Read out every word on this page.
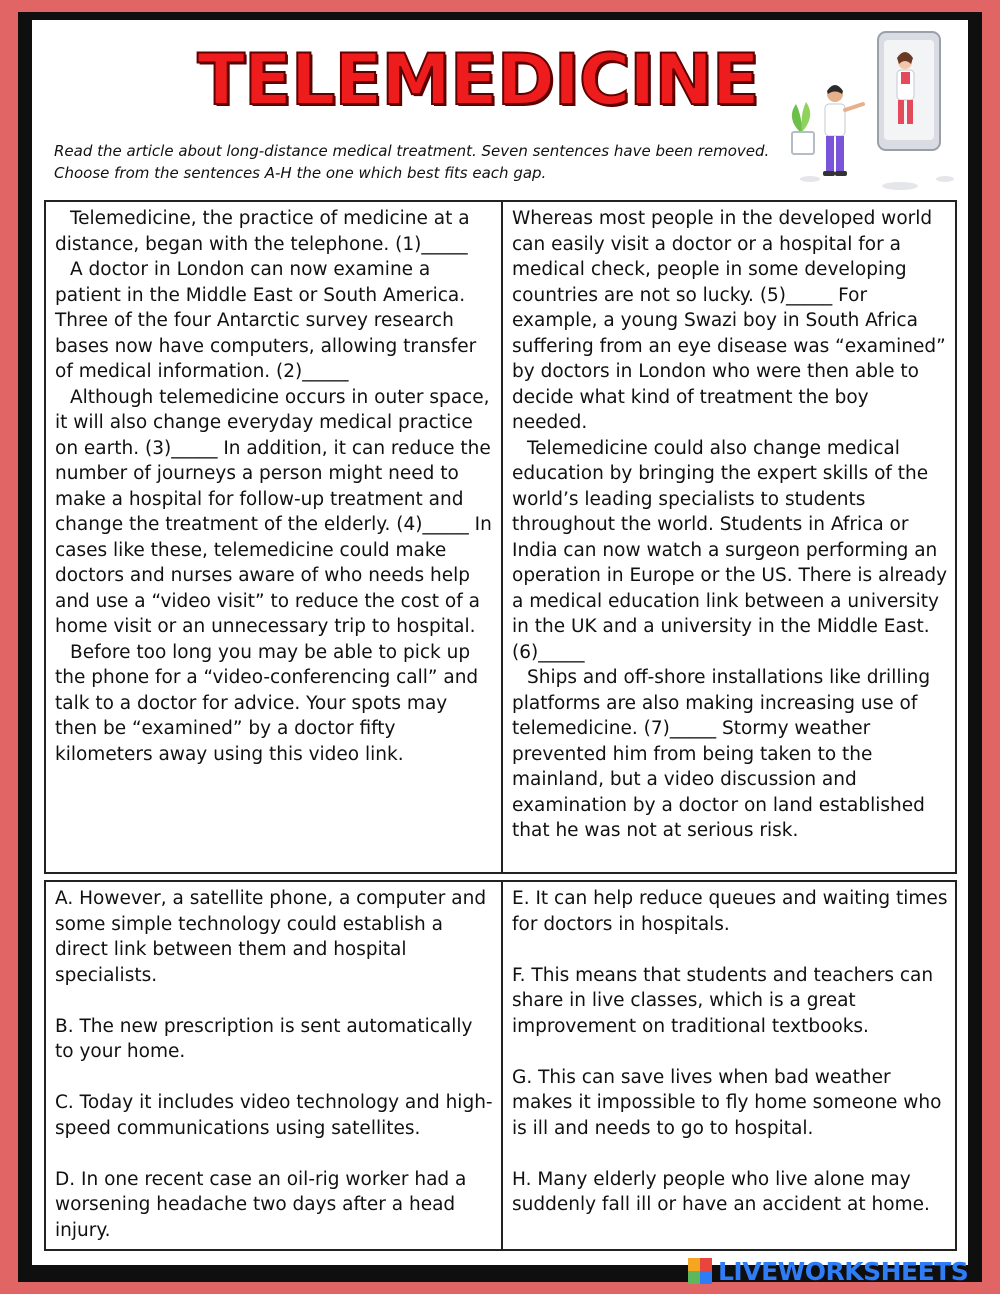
TELEMEDICINE

Read the article about long-distance medical treatment. Seven sentences have been removed. Choose from the sentences A-H the one which best fits each gap.

Telemedicine, the practice of medicine at a distance, began with the telephone. (1)_____

A doctor in London can now examine a patient in the Middle East or South America. Three of the four Antarctic survey research bases now have computers, allowing transfer of medical information. (2)_____

Although telemedicine occurs in outer space, it will also change everyday medical practice on earth. (3)_____ In addition, it can reduce the number of journeys a person might need to make a hospital for follow-up treatment and change the treatment of the elderly. (4)_____ In cases like these, telemedicine could make doctors and nurses aware of who needs help and use a “video visit” to reduce the cost of a home visit or an unnecessary trip to hospital.

Before too long you may be able to pick up the phone for a “video-conferencing call” and talk to a doctor for advice. Your spots may then be “examined” by a doctor fifty kilometers away using this video link.

Whereas most people in the developed world can easily visit a doctor or a hospital for a medical check, people in some developing countries are not so lucky. (5)_____ For example, a young Swazi boy in South Africa suffering from an eye disease was “examined” by doctors in London who were then able to decide what kind of treatment the boy needed.

Telemedicine could also change medical education by bringing the expert skills of the world’s leading specialists to students throughout the world. Students in Africa or India can now watch a surgeon performing an operation in Europe or the US. There is already a medical education link between a university in the UK and a university in the Middle East. (6)_____

Ships and off-shore installations like drilling platforms are also making increasing use of telemedicine. (7)_____ Stormy weather prevented him from being taken to the mainland, but a video discussion and examination by a doctor on land established that he was not at serious risk.

A. However, a satellite phone, a computer and some simple technology could establish a direct link between them and hospital specialists.

B. The new prescription is sent automatically to your home.

C. Today it includes video technology and high-speed communications using satellites.

D. In one recent case an oil-rig worker had a worsening headache two days after a head injury.

E. It can help reduce queues and waiting times for doctors in hospitals.

F. This means that students and teachers can share in live classes, which is a great improvement on traditional textbooks.

G. This can save lives when bad weather makes it impossible to fly home someone who is ill and needs to go to hospital.

H. Many elderly people who live alone may suddenly fall ill or have an accident at home.

LIVEWORKSHEETS
